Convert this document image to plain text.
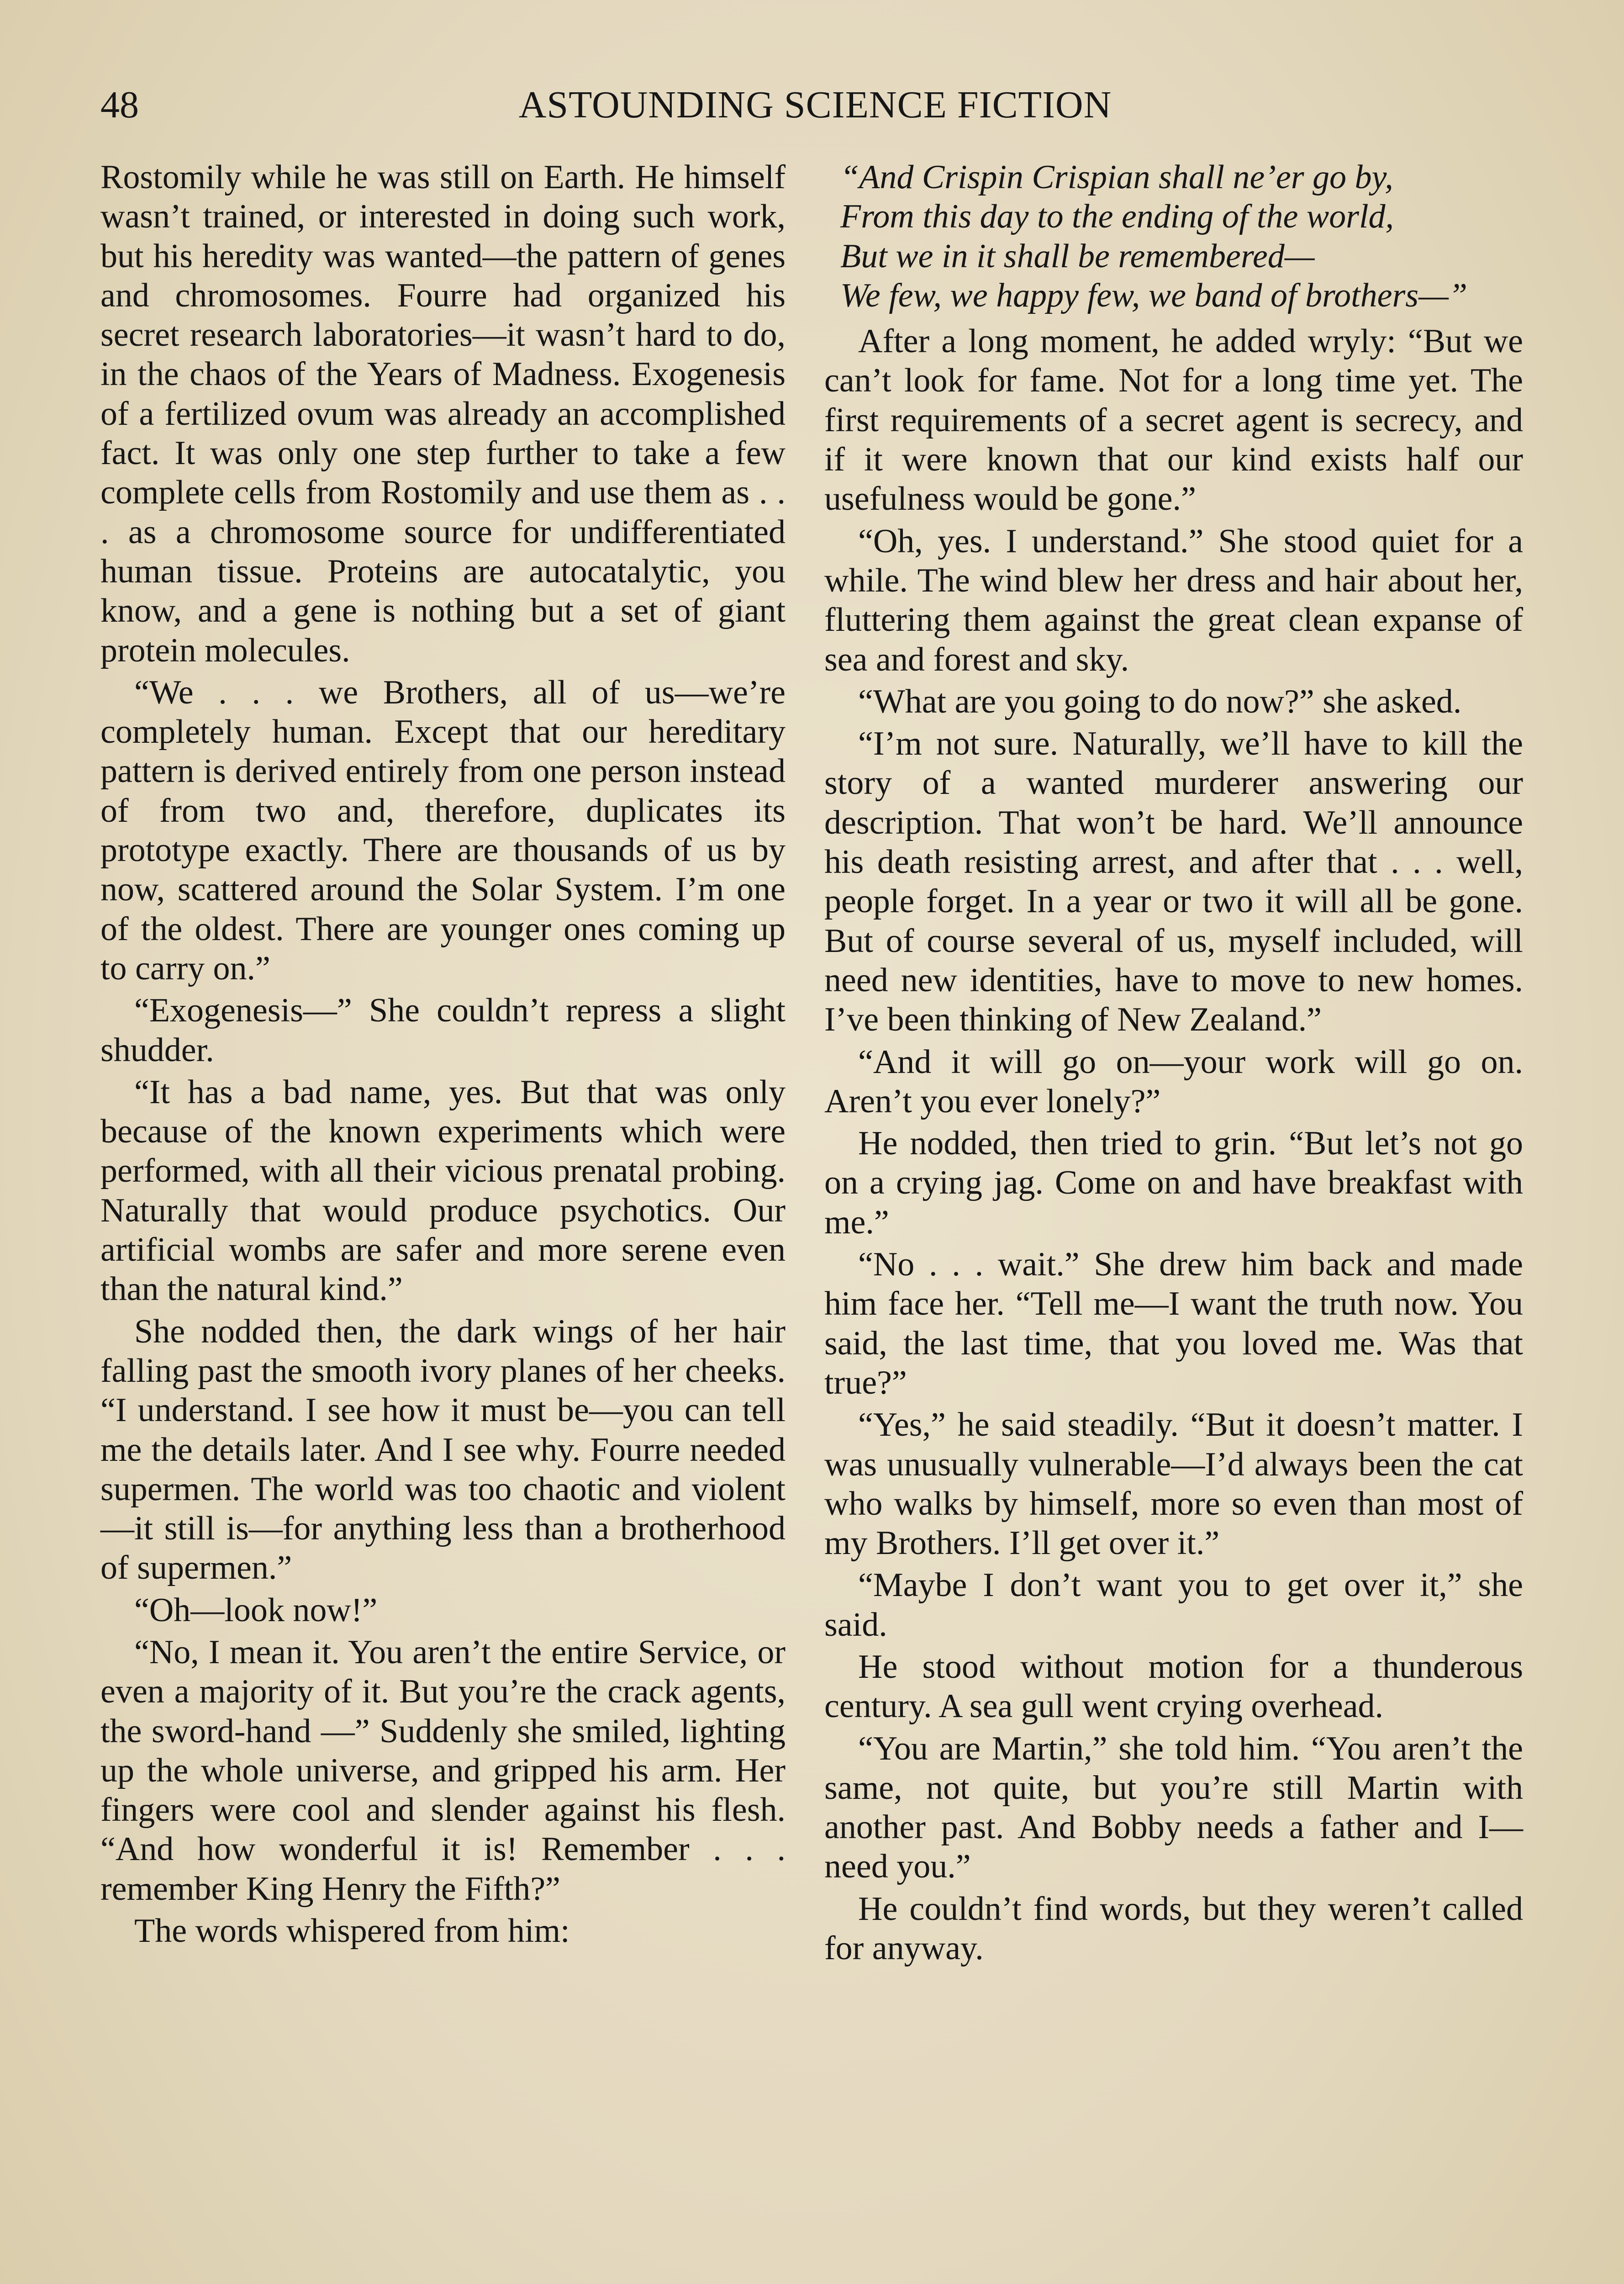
48	ASTOUNDING SCIENCE FICTION

Rostomily while he was still on Earth. He himself wasn’t trained, or interested in doing such work, but his heredity was wanted—the pattern of genes and chromosomes. Fourre had organized his secret research laboratories—it wasn’t hard to do, in the chaos of the Years of Madness. Exogenesis of a fertilized ovum was already an accomplished fact. It was only one step further to take a few complete cells from Rostomily and use them as . . . as a chromosome source for undifferentiated human tissue. Proteins are autocatalytic, you know, and a gene is nothing but a set of giant protein molecules.

“We . . . we Brothers, all of us—we’re completely human. Except that our hereditary pattern is derived entirely from one person instead of from two and, therefore, duplicates its prototype exactly. There are thousands of us by now, scattered around the Solar System. I’m one of the oldest. There are younger ones coming up to carry on.”

“Exogenesis—” She couldn’t repress a slight shudder.

“It has a bad name, yes. But that was only because of the known experiments which were performed, with all their vicious prenatal probing. Naturally that would produce psychotics. Our artificial wombs are safer and more serene even than the natural kind.”

She nodded then, the dark wings of her hair falling past the smooth ivory planes of her cheeks. “I understand. I see how it must be—you can tell me the details later. And I see why. Fourre needed supermen. The world was too chaotic and violent—it still is—for anything less than a brotherhood of supermen.”

“Oh—look now!”

“No, I mean it. You aren’t the entire Service, or even a majority of it. But you’re the crack agents, the sword-hand —” Suddenly she smiled, lighting up the whole universe, and gripped his arm. Her fingers were cool and slender against his flesh. “And how wonderful it is! Remember . . . remember King Henry the Fifth?”

The words whispered from him:

“And Crispin Crispian shall ne’er go by,
From this day to the ending of the world,
But we in it shall be remembered—
We few, we happy few, we band of brothers—”

After a long moment, he added wryly: “But we can’t look for fame. Not for a long time yet. The first requirements of a secret agent is secrecy, and if it were known that our kind exists half our usefulness would be gone.”

“Oh, yes. I understand.” She stood quiet for a while. The wind blew her dress and hair about her, fluttering them against the great clean expanse of sea and forest and sky.

“What are you going to do now?” she asked.

“I’m not sure. Naturally, we’ll have to kill the story of a wanted murderer answering our description. That won’t be hard. We’ll announce his death resisting arrest, and after that . . . well, people forget. In a year or two it will all be gone. But of course several of us, myself included, will need new identities, have to move to new homes. I’ve been thinking of New Zealand.”

“And it will go on—your work will go on. Aren’t you ever lonely?”

He nodded, then tried to grin. “But let’s not go on a crying jag. Come on and have breakfast with me.”

“No . . . wait.” She drew him back and made him face her. “Tell me—I want the truth now. You said, the last time, that you loved me. Was that true?”

“Yes,” he said steadily. “But it doesn’t matter. I was unusually vulnerable—I’d always been the cat who walks by himself, more so even than most of my Brothers. I’ll get over it.”

“Maybe I don’t want you to get over it,” she said.

He stood without motion for a thunderous century. A sea gull went crying overhead.

“You are Martin,” she told him. “You aren’t the same, not quite, but you’re still Martin with another past. And Bobby needs a father and I—need you.”

He couldn’t find words, but they weren’t called for anyway.
